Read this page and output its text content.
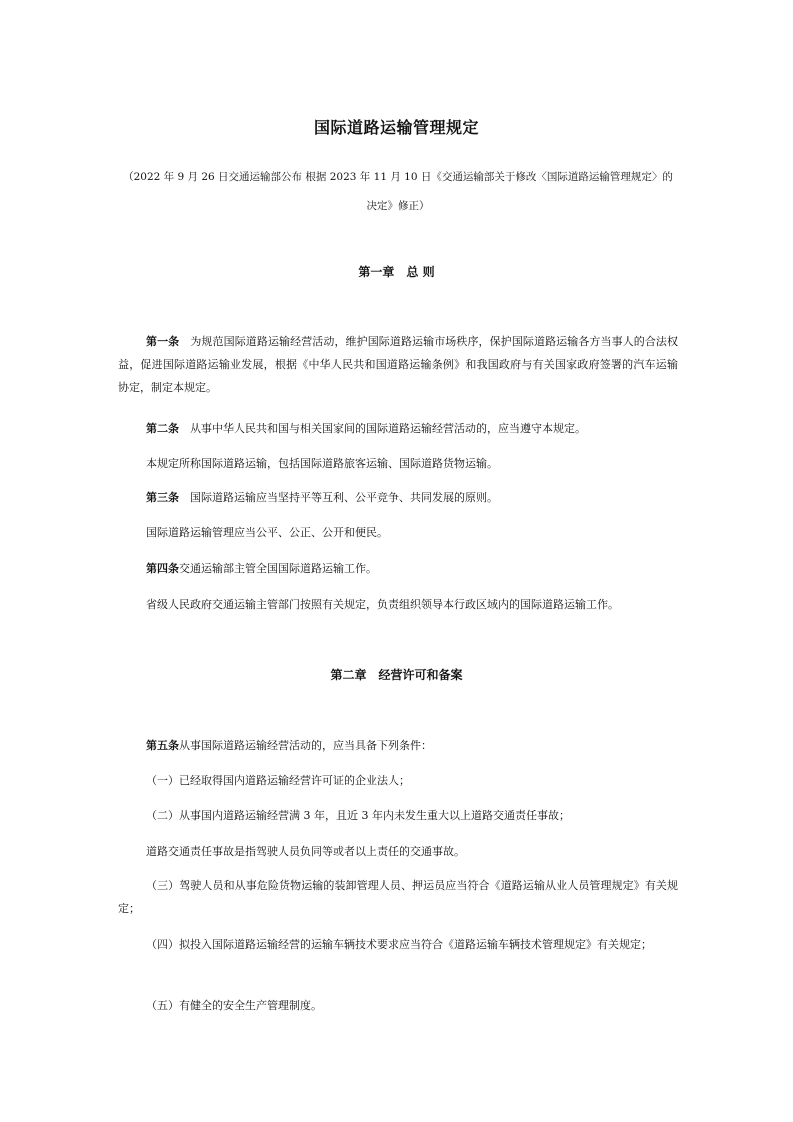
国际道路运输管理规定

（2022 年 9 月 26 日交通运输部公布 根据 2023 年 11 月 10 日《交通运输部关于修改〈国际道路运输管理规定〉的决定》修正）

第一章　总 则

第一条　为规范国际道路运输经营活动，维护国际道路运输市场秩序，保护国际道路运输各方当事人的合法权益，促进国际道路运输业发展，根据《中华人民共和国道路运输条例》和我国政府与有关国家政府签署的汽车运输协定，制定本规定。

第二条　从事中华人民共和国与相关国家间的国际道路运输经营活动的，应当遵守本规定。

本规定所称国际道路运输，包括国际道路旅客运输、国际道路货物运输。

第三条　国际道路运输应当坚持平等互利、公平竞争、共同发展的原则。

国际道路运输管理应当公平、公正、公开和便民。

第四条交通运输部主管全国国际道路运输工作。

省级人民政府交通运输主管部门按照有关规定，负责组织领导本行政区域内的国际道路运输工作。

第二章　经营许可和备案

第五条从事国际道路运输经营活动的，应当具备下列条件：

（一）已经取得国内道路运输经营许可证的企业法人；

（二）从事国内道路运输经营满 3 年，且近 3 年内未发生重大以上道路交通责任事故；

道路交通责任事故是指驾驶人员负同等或者以上责任的交通事故。

（三）驾驶人员和从事危险货物运输的装卸管理人员、押运员应当符合《道路运输从业人员管理规定》有关规定；

（四）拟投入国际道路运输经营的运输车辆技术要求应当符合《道路运输车辆技术管理规定》有关规定；

（五）有健全的安全生产管理制度。
